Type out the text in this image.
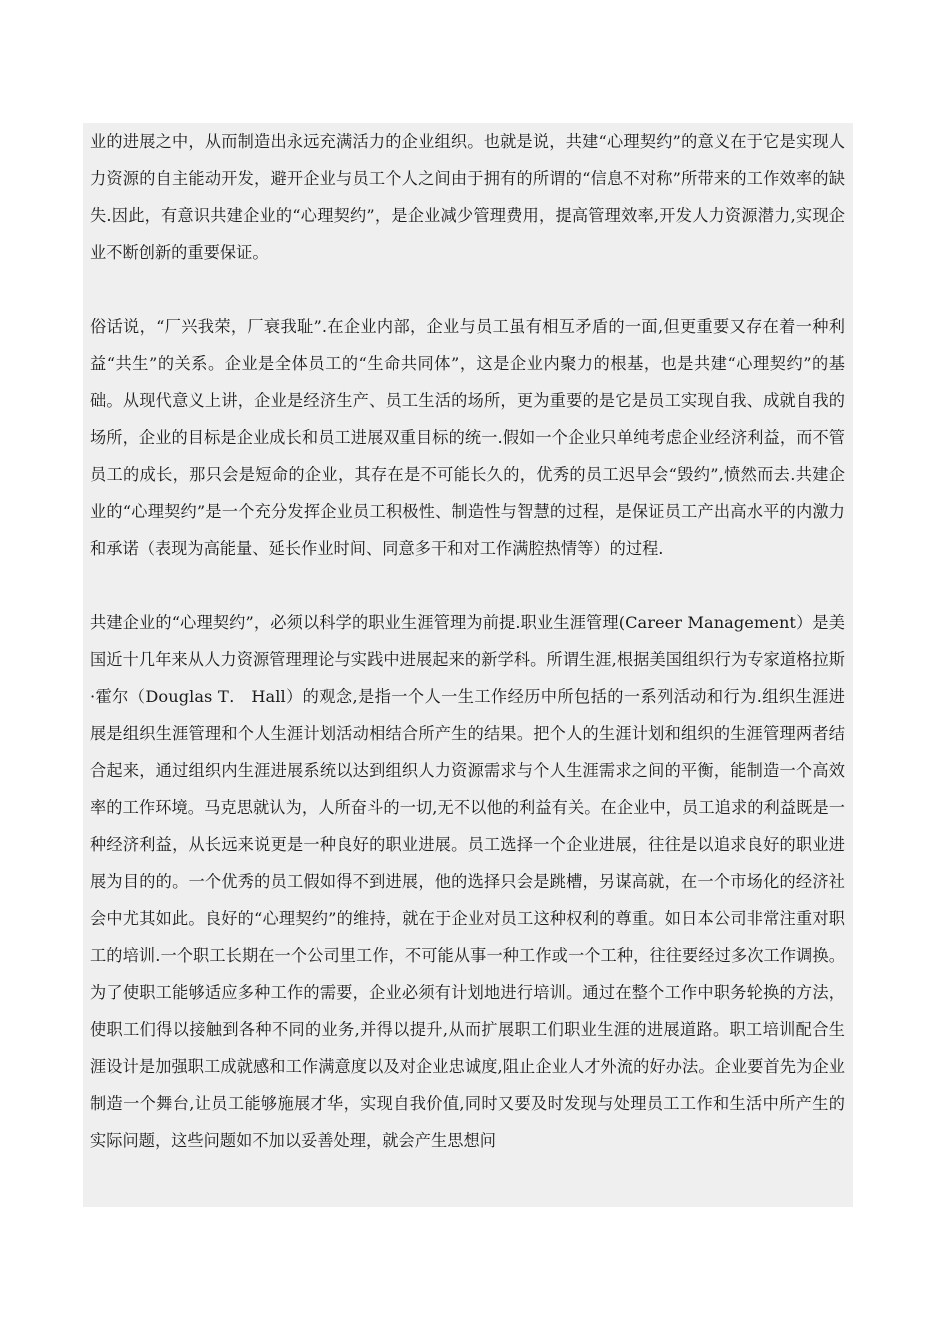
业的进展之中，从而制造出永远充满活力的企业组织。也就是说，共建“心理契约”的意义在于它是实现人力资源的自主能动开发，避开企业与员工个人之间由于拥有的所谓的“信息不对称”所带来的工作效率的缺失.因此，有意识共建企业的“心理契约”，是企业减少管理费用，提高管理效率,开发人力资源潜力,实现企业不断创新的重要保证。

俗话说，“厂兴我荣，厂衰我耻”.在企业内部，企业与员工虽有相互矛盾的一面,但更重要又存在着一种利益“共生”的关系。企业是全体员工的“生命共同体”，这是企业内聚力的根基，也是共建“心理契约”的基础。从现代意义上讲，企业是经济生产、员工生活的场所，更为重要的是它是员工实现自我、成就自我的场所，企业的目标是企业成长和员工进展双重目标的统一.假如一个企业只单纯考虑企业经济利益，而不管员工的成长，那只会是短命的企业，其存在是不可能长久的，优秀的员工迟早会“毁约”,愤然而去.共建企业的“心理契约”是一个充分发挥企业员工积极性、制造性与智慧的过程，是保证员工产出高水平的内激力和承诺（表现为高能量、延长作业时间、同意多干和对工作满腔热情等）的过程.

共建企业的“心理契约”，必须以科学的职业生涯管理为前提.职业生涯管理(Career Management）是美国近十几年来从人力资源管理理论与实践中进展起来的新学科。所谓生涯,根据美国组织行为专家道格拉斯·霍尔（Douglas T． Hall）的观念,是指一个人一生工作经历中所包括的一系列活动和行为.组织生涯进展是组织生涯管理和个人生涯计划活动相结合所产生的结果。把个人的生涯计划和组织的生涯管理两者结合起来，通过组织内生涯进展系统以达到组织人力资源需求与个人生涯需求之间的平衡，能制造一个高效率的工作环境。马克思就认为，人所奋斗的一切,无不以他的利益有关。在企业中，员工追求的利益既是一种经济利益，从长远来说更是一种良好的职业进展。员工选择一个企业进展，往往是以追求良好的职业进展为目的的。一个优秀的员工假如得不到进展，他的选择只会是跳槽，另谋高就，在一个市场化的经济社会中尤其如此。良好的“心理契约”的维持，就在于企业对员工这种权利的尊重。如日本公司非常注重对职工的培训.一个职工长期在一个公司里工作，不可能从事一种工作或一个工种，往往要经过多次工作调换。为了使职工能够适应多种工作的需要，企业必须有计划地进行培训。通过在整个工作中职务轮换的方法，使职工们得以接触到各种不同的业务,并得以提升,从而扩展职工们职业生涯的进展道路。职工培训配合生涯设计是加强职工成就感和工作满意度以及对企业忠诚度,阻止企业人才外流的好办法。企业要首先为企业制造一个舞台,让员工能够施展才华，实现自我价值,同时又要及时发现与处理员工工作和生活中所产生的实际问题，这些问题如不加以妥善处理，就会产生思想问
